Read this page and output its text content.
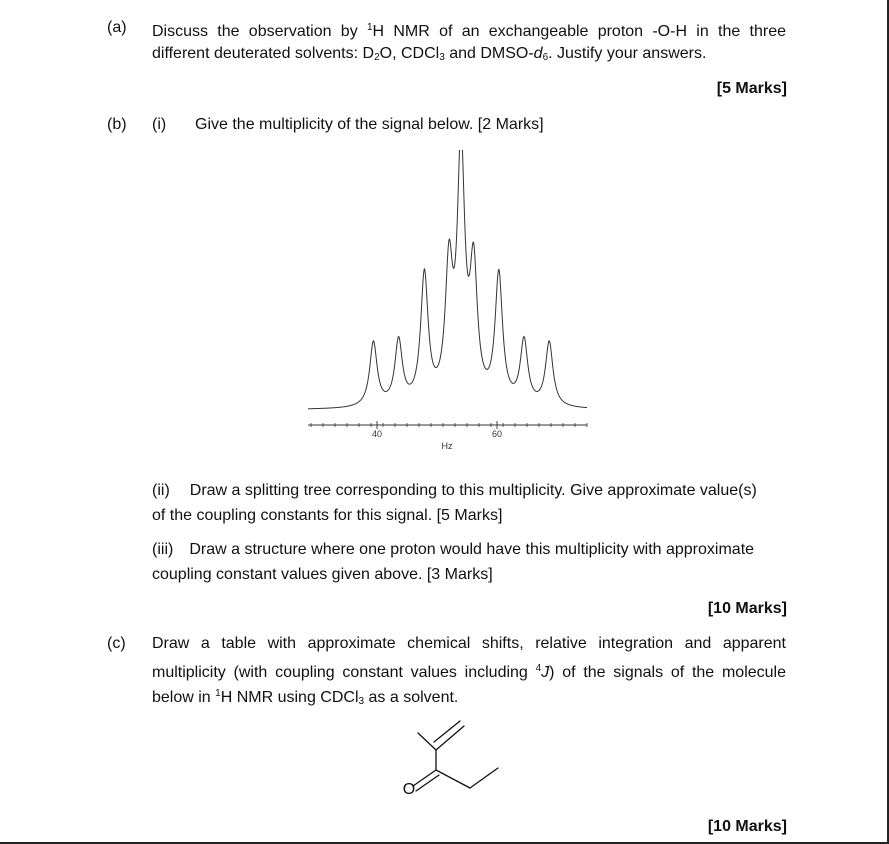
(a) Discuss the observation by $^1$H NMR of an exchangeable proton -O-H in the three
different deuterated solvents: $D_2O$, CDCl$_3$ and DMSO-$d_6$. Justify your answers.
[5 Marks]
(b) (i) Give the multiplicity of the signal below. [2 Marks]
40	60
Hz
(ii) Draw a splitting tree corresponding to this multiplicity. Give approximate value(s)
of the coupling constants for this signal. [5 Marks]
(iii) Draw a structure where one proton would have this multiplicity with approximate
coupling constant values given above. [3 Marks]
[10 Marks]
(c) Draw a table with approximate chemical shifts, relative integration and apparent
multiplicity (with coupling constant values including $^4$J) of the signals of the molecule
below in $^1$H NMR using CDCl$_3$ as a solvent.
O
[10 Marks]
